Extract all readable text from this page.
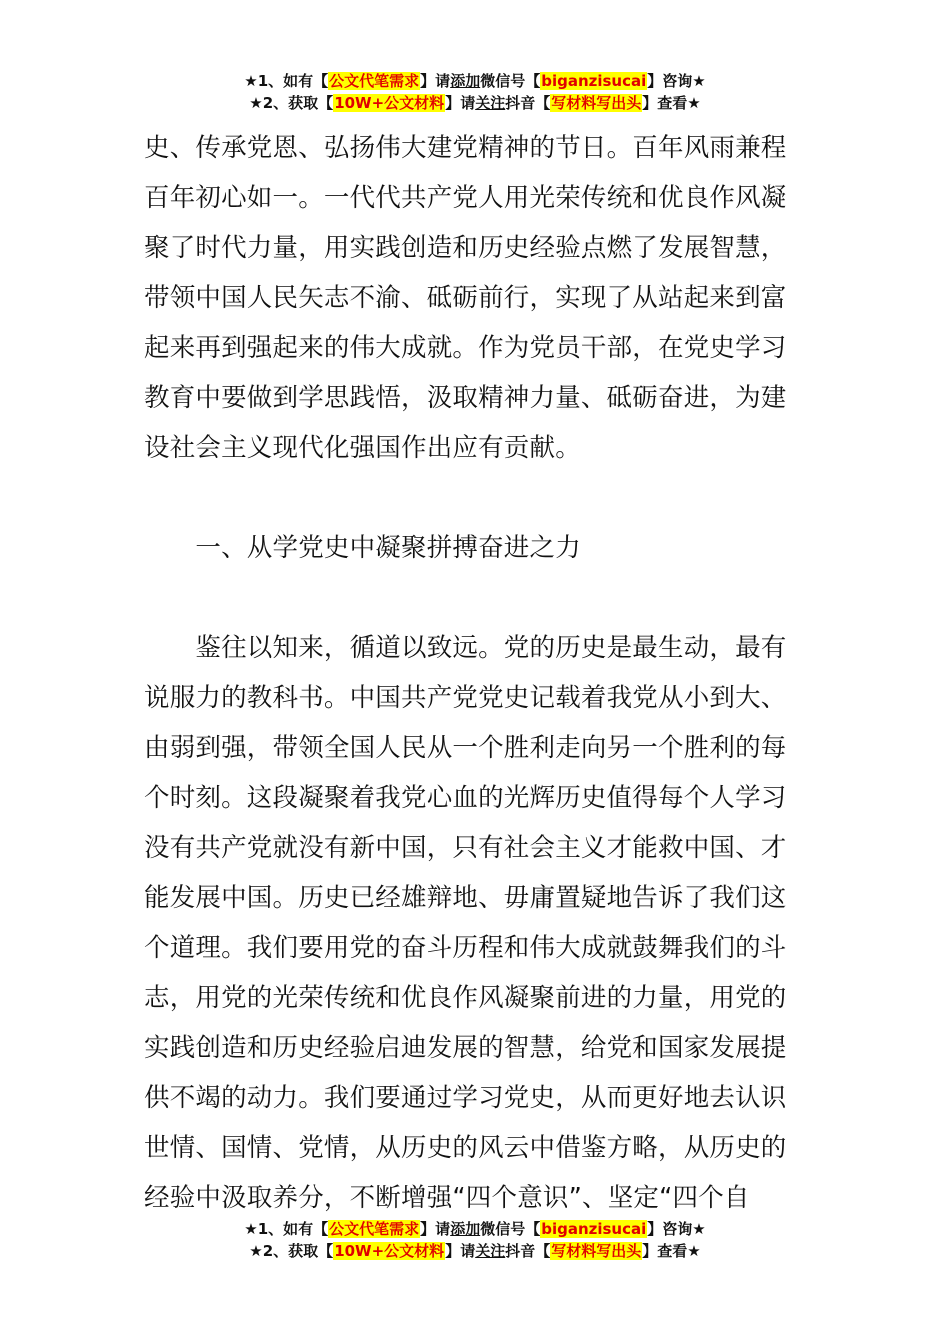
★1、如有【公文代笔需求】请添加微信号【biganzisucai】咨询★
★2、获取【10W+公文材料】请关注抖音【写材料写出头】查看★
史、传承党恩、弘扬伟大建党精神的节日。百年风雨兼程
百年初心如一。一代代共产党人用光荣传统和优良作风凝
聚了时代力量，用实践创造和历史经验点燃了发展智慧，
带领中国人民矢志不渝、砥砺前行，实现了从站起来到富
起来再到强起来的伟大成就。作为党员干部，在党史学习
教育中要做到学思践悟，汲取精神力量、砥砺奋进，为建
设社会主义现代化强国作出应有贡献。
　　一、从学党史中凝聚拼搏奋进之力
　　鉴往以知来，循道以致远。党的历史是最生动，最有
说服力的教科书。中国共产党党史记载着我党从小到大、
由弱到强，带领全国人民从一个胜利走向另一个胜利的每
个时刻。这段凝聚着我党心血的光辉历史值得每个人学习
没有共产党就没有新中国，只有社会主义才能救中国、才
能发展中国。历史已经雄辩地、毋庸置疑地告诉了我们这
个道理。我们要用党的奋斗历程和伟大成就鼓舞我们的斗
志，用党的光荣传统和优良作风凝聚前进的力量，用党的
实践创造和历史经验启迪发展的智慧，给党和国家发展提
供不竭的动力。我们要通过学习党史，从而更好地去认识
世情、国情、党情，从历史的风云中借鉴方略，从历史的
经验中汲取养分，不断增强“四个意识”、坚定“四个自
★1、如有【公文代笔需求】请添加微信号【biganzisucai】咨询★
★2、获取【10W+公文材料】请关注抖音【写材料写出头】查看★
